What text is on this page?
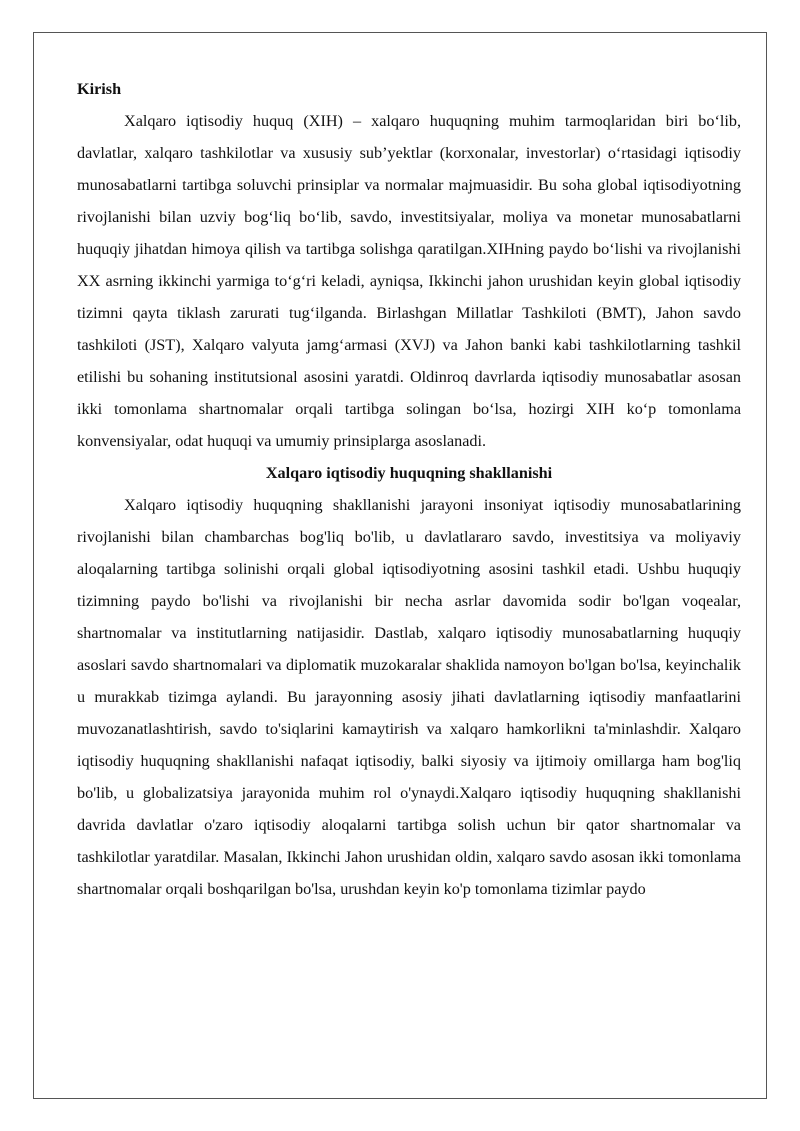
Kirish

Xalqaro iqtisodiy huquq (XIH) – xalqaro huquqning muhim tarmoqlaridan biri bo‘lib, davlatlar, xalqaro tashkilotlar va xususiy sub’yektlar (korxonalar, investorlar) o‘rtasidagi iqtisodiy munosabatlarni tartibga soluvchi prinsiplar va normalar majmuasidir. Bu soha global iqtisodiyotning rivojlanishi bilan uzviy bog‘liq bo‘lib, savdo, investitsiyalar, moliya va monetar munosabatlarni huquqiy jihatdan himoya qilish va tartibga solishga qaratilgan.XIHning paydo bo‘lishi va rivojlanishi XX asrning ikkinchi yarmiga to‘g‘ri keladi, ayniqsa, Ikkinchi jahon urushidan keyin global iqtisodiy tizimni qayta tiklash zarurati tug‘ilganda. Birlashgan Millatlar Tashkiloti (BMT), Jahon savdo tashkiloti (JST), Xalqaro valyuta jamg‘armasi (XVJ) va Jahon banki kabi tashkilotlarning tashkil etilishi bu sohaning institutsional asosini yaratdi. Oldinroq davrlarda iqtisodiy munosabatlar asosan ikki tomonlama shartnomalar orqali tartibga solingan bo‘lsa, hozirgi XIH ko‘p tomonlama konvensiyalar, odat huquqi va umumiy prinsiplarga asoslanadi.

Xalqaro iqtisodiy huquqning shakllanishi

Xalqaro iqtisodiy huquqning shakllanishi jarayoni insoniyat iqtisodiy munosabatlarining rivojlanishi bilan chambarchas bog'liq bo'lib, u davlatlararo savdo, investitsiya va moliyaviy aloqalarning tartibga solinishi orqali global iqtisodiyotning asosini tashkil etadi. Ushbu huquqiy tizimning paydo bo'lishi va rivojlanishi bir necha asrlar davomida sodir bo'lgan voqealar, shartnomalar va institutlarning natijasidir. Dastlab, xalqaro iqtisodiy munosabatlarning huquqiy asoslari savdo shartnomalari va diplomatik muzokaralar shaklida namoyon bo'lgan bo'lsa, keyinchalik u murakkab tizimga aylandi. Bu jarayonning asosiy jihati davlatlarning iqtisodiy manfaatlarini muvozanatlashtirish, savdo to'siqlarini kamaytirish va xalqaro hamkorlikni ta'minlashdir. Xalqaro iqtisodiy huquqning shakllanishi nafaqat iqtisodiy, balki siyosiy va ijtimoiy omillarga ham bog'liq bo'lib, u globalizatsiya jarayonida muhim rol o'ynaydi.Xalqaro iqtisodiy huquqning shakllanishi davrida davlatlar o'zaro iqtisodiy aloqalarni tartibga solish uchun bir qator shartnomalar va tashkilotlar yaratdilar. Masalan, Ikkinchi Jahon urushidan oldin, xalqaro savdo asosan ikki tomonlama shartnomalar orqali boshqarilgan bo'lsa, urushdan keyin ko'p tomonlama tizimlar paydo
